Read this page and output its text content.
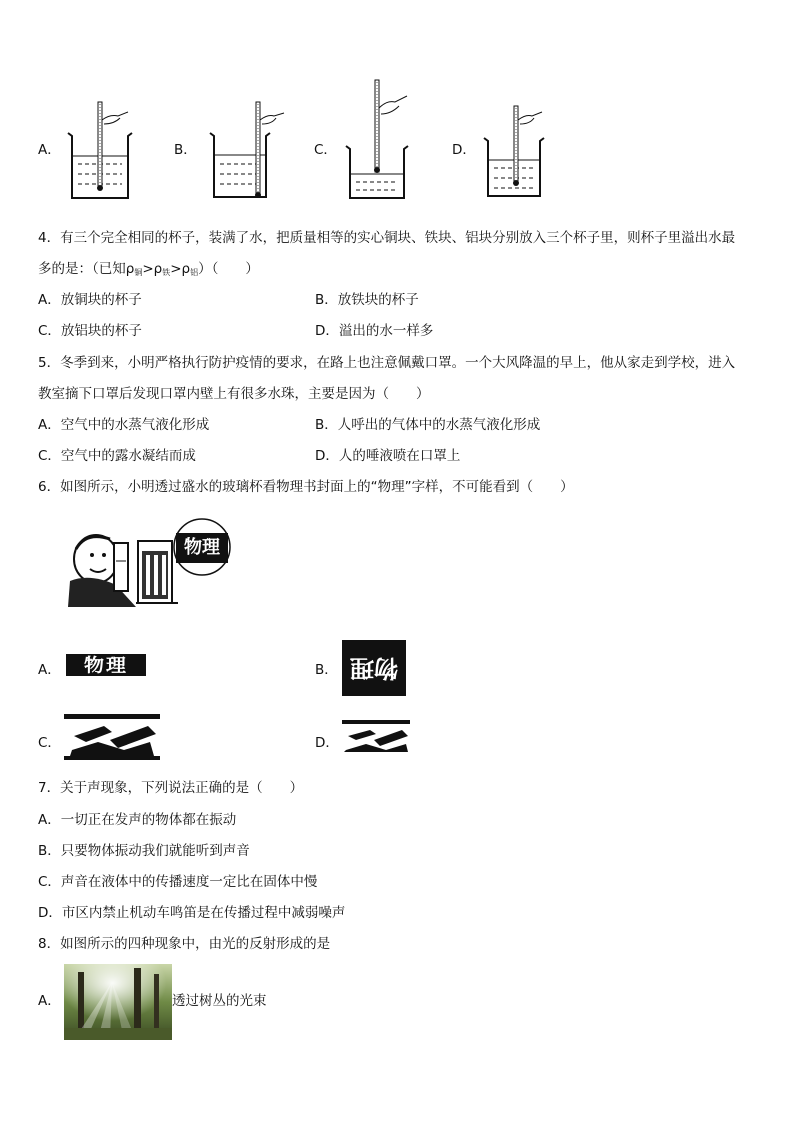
A．	B．	C．	D．
4．有三个完全相同的杯子，装满了水，把质量相等的实心铜块、铁块、铝块分别放入三个杯子里，则杯子里溢出水最
多的是：（已知$\rho_铜>\rho_铁>\rho_铝$）（　　）
A．放铜块的杯子	B．放铁块的杯子
C．放铝块的杯子	D．溢出的水一样多
5．冬季到来，小明严格执行防护疫情的要求，在路上也注意佩戴口罩。一个大风降温的早上，他从家走到学校，进入
教室摘下口罩后发现口罩内壁上有很多水珠，主要是因为（　　）
A．空气中的水蒸气液化形成	B．人呼出的气体中的水蒸气液化形成
C．空气中的露水凝结而成	D．人的唾液喷在口罩上
6．如图所示，小明透过盛水的玻璃杯看物理书封面上的“物理”字样，不可能看到（　　）
物理
A．	物理	B． 物理
C．	D．
7．关于声现象，下列说法正确的是（　　）
A．一切正在发声的物体都在振动
B．只要物体振动我们就能听到声音
C．声音在液体中的传播速度一定比在固体中慢
D．市区内禁止机动车鸣笛是在传播过程中减弱噪声
8．如图所示的四种现象中，由光的反射形成的是
A．	透过树丛的光束
